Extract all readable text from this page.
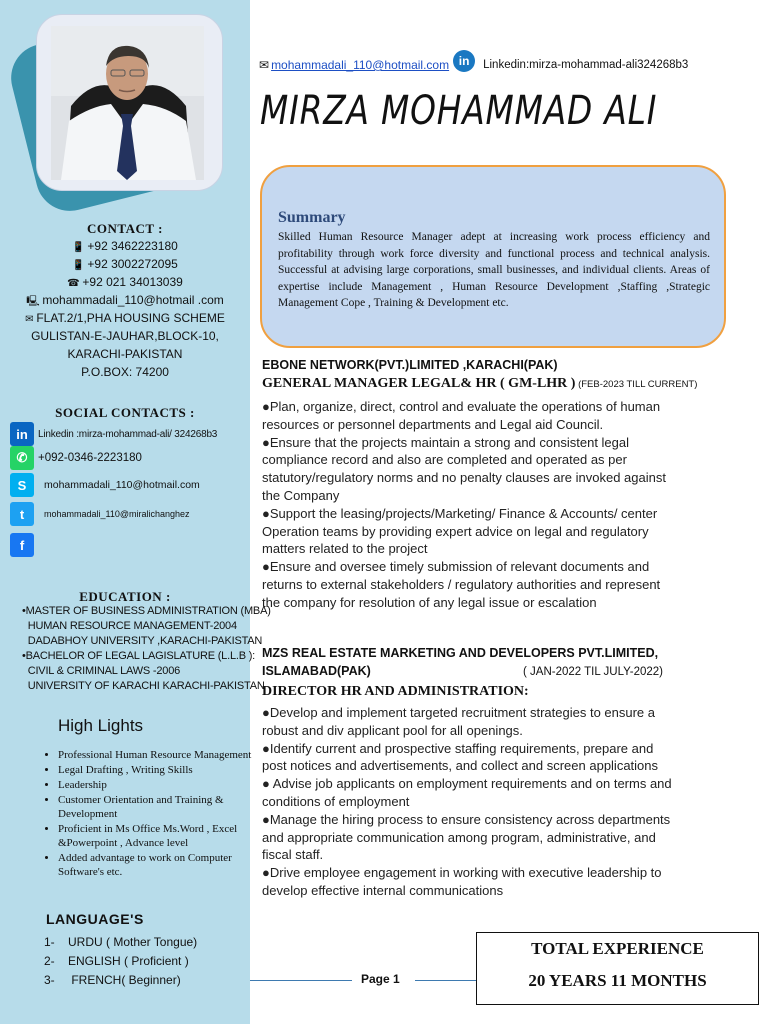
CONTACT :
📱 +92 3462223180
📱 +92 3002272095
☎ +92 021 34013039
🖳 mohammadali_110@hotmail .com
✉ FLAT.2/1,PHA HOUSING SCHEME
GULISTAN-E-JAUHAR,BLOCK-10,
KARACHI-PAKISTAN
P.O.BOX: 74200
SOCIAL CONTACTS :
in	Linkedin :mirza-mohammad-ali/ 324268b3
✆ +092-0346-2223180
S	mohammadali_110@hotmail.com
t	mohammadali_110@miralichanghez
f
EDUCATION :
•MASTER OF BUSINESS ADMINISTRATION (MBA)
HUMAN RESOURCE MANAGEMENT-2004
DADABHOY UNIVERSITY ,KARACHI-PAKISTAN
•BACHELOR OF LEGAL LAGISLATURE (L.L.B ):
CIVIL & CRIMINAL LAWS -2006
UNIVERSITY OF KARACHI KARACHI-PAKISTAN
High Lights
• Professional Human Resource Management
• Legal Drafting , Writing Skills
• Leadership
• Customer Orientation and Training & Development
• Proficient in Ms Office Ms.Word , Excel &Powerpoint , Advance level
• Added advantage to work on Computer Software's etc.
LANGUAGE'S
1-    URDU ( Mother Tongue)
2-    ENGLISH ( Proficient )
3-     FRENCH( Beginner)
✉ mohammadali_110@hotmail.com in	Linkedin:mirza-mohammad-ali324268b3
MIRZA MOHAMMAD ALI
Summary
Skilled Human Resource Manager adept at increasing work process efficiency and profitability through work force diversity and functional process and technical analysis. Successful at advising large corporations, small businesses, and individual clients. Areas of expertise include Management , Human Resource Development ,Staffing ,Strategic Management Cope , Training & Development etc.
EBONE NETWORK(PVT.)LIMITED ,KARACHI(PAK)
GENERAL MANAGER LEGAL& HR ( GM-LHR ) (FEB-2023 TILL CURRENT)
●Plan, organize, direct, control and evaluate the operations of human resources or personnel departments and Legal aid Council.
●Ensure that the projects maintain a strong and consistent legal compliance record and also are completed and operated as per statutory/regulatory norms and no penalty clauses are invoked against the Company
●Support the leasing/projects/Marketing/ Finance & Accounts/ center Operation teams by providing expert advice on legal and regulatory matters related to the project
●Ensure and oversee timely submission of relevant documents and returns to external stakeholders / regulatory authorities and represent the company for resolution of any legal issue or escalation
MZS REAL ESTATE MARKETING AND DEVELOPERS PVT.LIMITED,
ISLAMABAD(PAK)	( JAN-2022 TIL JULY-2022)
DIRECTOR HR AND ADMINISTRATION:
●Develop and implement targeted recruitment strategies to ensure a robust and div applicant pool for all openings.
●Identify current and prospective staffing requirements, prepare and post notices and advertisements, and collect and screen applications
● Advise job applicants on employment requirements and on terms and conditions of employment
●Manage the hiring process to ensure consistency across departments and appropriate communication among program, administrative, and fiscal staff.
●Drive employee engagement in working with executive leadership to develop effective internal communications
Page 1
TOTAL EXPERIENCE
20 YEARS 11 MONTHS
